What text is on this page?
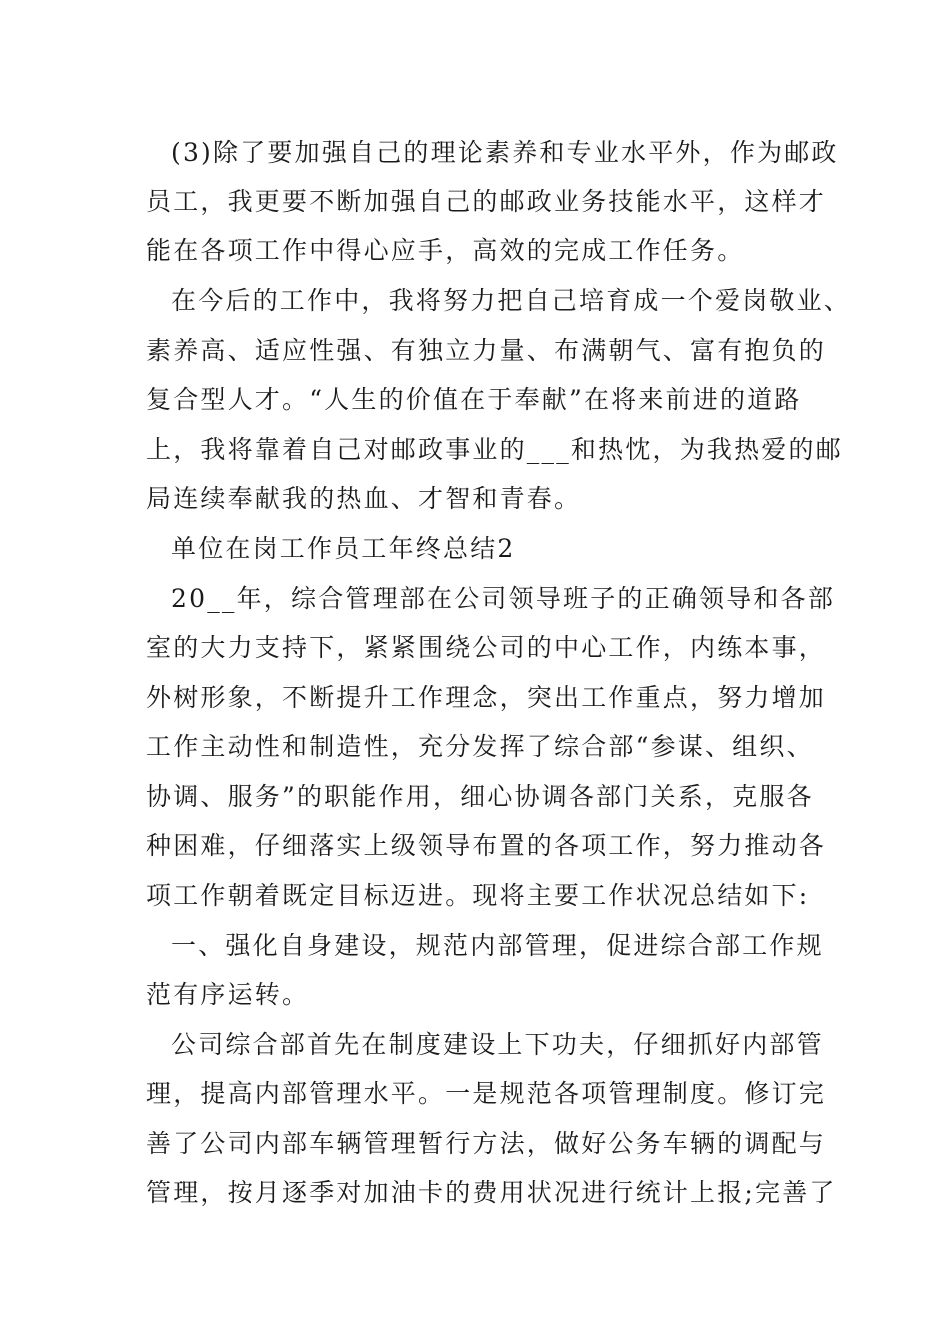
(3)除了要加强自己的理论素养和专业水平外，作为邮政
员工，我更要不断加强自己的邮政业务技能水平，这样才
能在各项工作中得心应手，高效的完成工作任务。
在今后的工作中，我将努力把自己培育成一个爱岗敬业、
素养高、适应性强、有独立力量、布满朝气、富有抱负的
复合型人才。“人生的价值在于奉献”在将来前进的道路
上，我将靠着自己对邮政事业的___和热忱，为我热爱的邮
局连续奉献我的热血、才智和青春。
单位在岗工作员工年终总结2
20__年，综合管理部在公司领导班子的正确领导和各部
室的大力支持下，紧紧围绕公司的中心工作，内练本事，
外树形象，不断提升工作理念，突出工作重点，努力增加
工作主动性和制造性，充分发挥了综合部“参谋、组织、
协调、服务”的职能作用，细心协调各部门关系，克服各
种困难，仔细落实上级领导布置的各项工作，努力推动各
项工作朝着既定目标迈进。现将主要工作状况总结如下:
一、强化自身建设，规范内部管理，促进综合部工作规
范有序运转。
公司综合部首先在制度建设上下功夫，仔细抓好内部管
理，提高内部管理水平。一是规范各项管理制度。修订完
善了公司内部车辆管理暂行方法，做好公务车辆的调配与
管理，按月逐季对加油卡的费用状况进行统计上报;完善了
